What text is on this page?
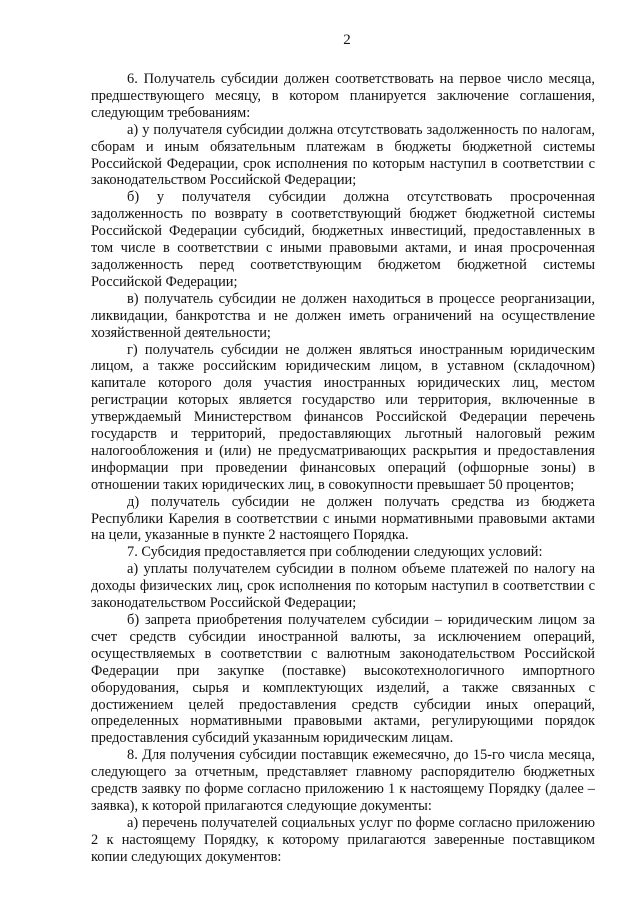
2

6. Получатель субсидии должен соответствовать на первое число месяца, предшествующего месяцу, в котором планируется заключение соглашения, следующим требованиям:

а) у получателя субсидии должна отсутствовать задолженность по налогам, сборам и иным обязательным платежам в бюджеты бюджетной системы Российской Федерации, срок исполнения по которым наступил в соответствии с законодательством Российской Федерации;

б) у получателя субсидии должна отсутствовать просроченная задолженность по возврату в соответствующий бюджет бюджетной системы Российской Федерации субсидий, бюджетных инвестиций, предоставленных в том числе в соответствии с иными правовыми актами, и иная просроченная задолженность перед соответствующим бюджетом бюджетной системы Российской Федерации;

в) получатель субсидии не должен находиться в процессе реорганизации, ликвидации, банкротства и не должен иметь ограничений на осуществление хозяйственной деятельности;

г) получатель субсидии не должен являться иностранным юридическим лицом, а также российским юридическим лицом, в уставном (складочном) капитале которого доля участия иностранных юридических лиц, местом регистрации которых является государство или территория, включенные в утверждаемый Министерством финансов Российской Федерации перечень государств и территорий, предоставляющих льготный налоговый режим налогообложения и (или) не предусматривающих раскрытия и предоставления информации при проведении финансовых операций (офшорные зоны) в отношении таких юридических лиц, в совокупности превышает 50 процентов;

д) получатель субсидии не должен получать средства из бюджета Республики Карелия в соответствии с иными нормативными правовыми актами на цели, указанные в пункте 2 настоящего Порядка.

7. Субсидия предоставляется при соблюдении следующих условий:

а) уплаты получателем субсидии в полном объеме платежей по налогу на доходы физических лиц, срок исполнения по которым наступил в соответствии с законодательством Российской Федерации;

б) запрета приобретения получателем субсидии – юридическим лицом за счет средств субсидии иностранной валюты, за исключением операций, осуществляемых в соответствии с валютным законодательством Российской Федерации при закупке (поставке) высокотехнологичного импортного оборудования, сырья и комплектующих изделий, а также связанных с достижением целей предоставления средств субсидии иных операций, определенных нормативными правовыми актами, регулирующими порядок предоставления субсидий указанным юридическим лицам.

8. Для получения субсидии поставщик ежемесячно, до 15-го числа месяца, следующего за отчетным, представляет главному распорядителю бюджетных средств заявку по форме согласно приложению 1 к настоящему Порядку (далее – заявка), к которой прилагаются следующие документы:

а) перечень получателей социальных услуг по форме согласно приложению 2 к настоящему Порядку, к которому прилагаются заверенные поставщиком копии следующих документов:
